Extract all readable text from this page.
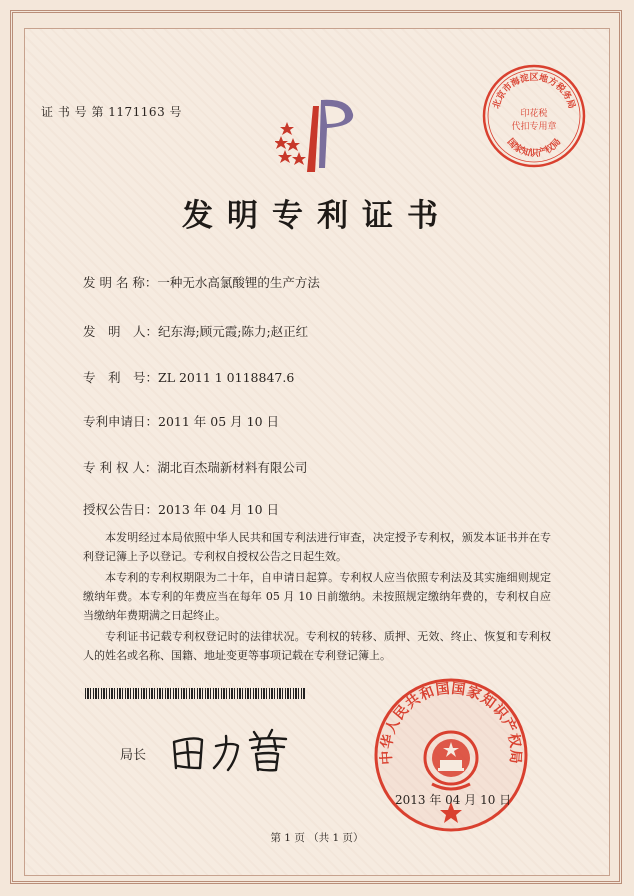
证 书 号 第 1171163 号
发明专利证书
发 明 名 称：一种无水高氯酸锂的生产方法
发　明　人：纪东海;顾元霞;陈力;赵正红
专　利　号：ZL 2011 1 0118847.6
专利申请日：2011 年 05 月 10 日
专 利 权 人：湖北百杰瑞新材料有限公司
授权公告日：2013 年 04 月 10 日

本发明经过本局依照中华人民共和国专利法进行审查，决定授予专利权，颁发本证书并在专利登记簿上予以登记。专利权自授权公告之日起生效。

本专利的专利权期限为二十年，自申请日起算。专利权人应当依照专利法及其实施细则规定缴纳年费。本专利的年费应当在每年 05 月 10 日前缴纳。未按照规定缴纳年费的，专利权自应当缴纳年费期满之日起终止。

专利证书记载专利权登记时的法律状况。专利权的转移、质押、无效、终止、恢复和专利权人的姓名或名称、国籍、地址变更等事项记载在专利登记簿上。

局长
北京市海淀区地方税务局
印花税
代扣专用章
国家知识产权局
中华人民共和国国家知识产权局
2013 年 04 月 10 日
第 1 页 （共 1 页）
